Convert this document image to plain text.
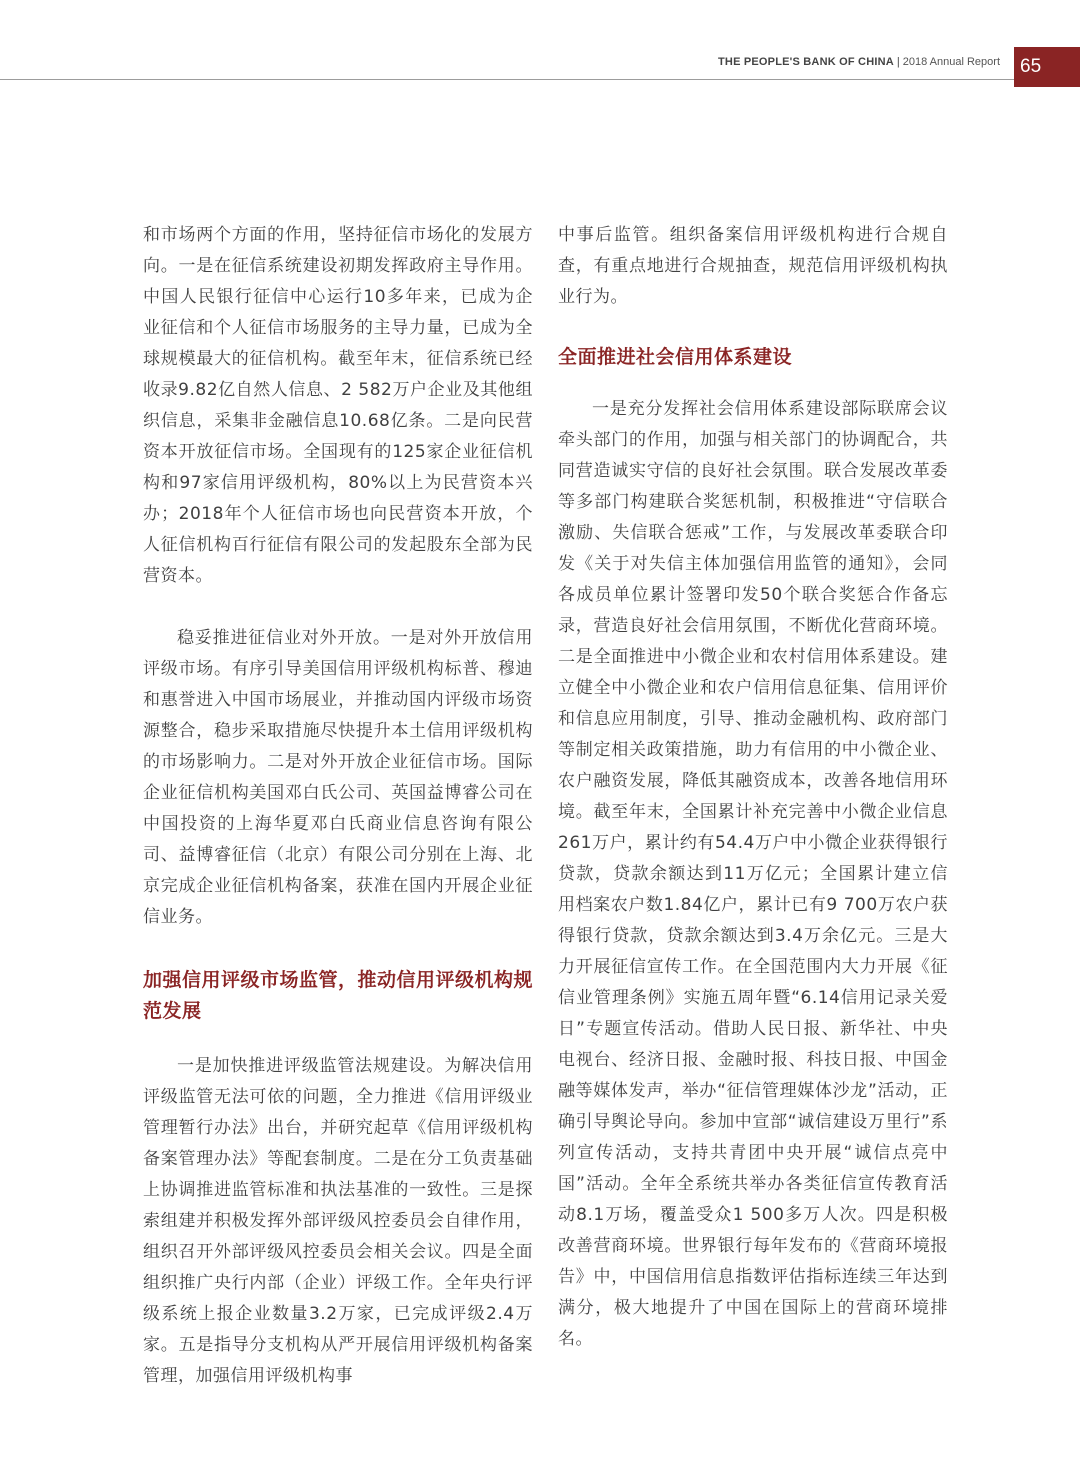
THE PEOPLE'S BANK OF CHINA | 2018 Annual Report 65

和市场两个方面的作用，坚持征信市场化的发展方向。一是在征信系统建设初期发挥政府主导作用。中国人民银行征信中心运行10多年来，已成为企业征信和个人征信市场服务的主导力量，已成为全球规模最大的征信机构。截至年末，征信系统已经收录9.82亿自然人信息、2 582万户企业及其他组织信息，采集非金融信息10.68亿条。二是向民营资本开放征信市场。全国现有的125家企业征信机构和97家信用评级机构，80%以上为民营资本兴办；2018年个人征信市场也向民营资本开放，个人征信机构百行征信有限公司的发起股东全部为民营资本。

稳妥推进征信业对外开放。一是对外开放信用评级市场。有序引导美国信用评级机构标普、穆迪和惠誉进入中国市场展业，并推动国内评级市场资源整合，稳步采取措施尽快提升本土信用评级机构的市场影响力。二是对外开放企业征信市场。国际企业征信机构美国邓白氏公司、英国益博睿公司在中国投资的上海华夏邓白氏商业信息咨询有限公司、益博睿征信（北京）有限公司分别在上海、北京完成企业征信机构备案，获准在国内开展企业征信业务。

加强信用评级市场监管，推动信用评级机构规范发展

一是加快推进评级监管法规建设。为解决信用评级监管无法可依的问题，全力推进《信用评级业管理暂行办法》出台，并研究起草《信用评级机构备案管理办法》等配套制度。二是在分工负责基础上协调推进监管标准和执法基准的一致性。三是探索组建并积极发挥外部评级风控委员会自律作用，组织召开外部评级风控委员会相关会议。四是全面组织推广央行内部（企业）评级工作。全年央行评级系统上报企业数量3.2万家，已完成评级2.4万家。五是指导分支机构从严开展信用评级机构备案管理，加强信用评级机构事

中事后监管。组织备案信用评级机构进行合规自查，有重点地进行合规抽查，规范信用评级机构执业行为。

全面推进社会信用体系建设

一是充分发挥社会信用体系建设部际联席会议牵头部门的作用，加强与相关部门的协调配合，共同营造诚实守信的良好社会氛围。联合发展改革委等多部门构建联合奖惩机制，积极推进“守信联合激励、失信联合惩戒”工作，与发展改革委联合印发《关于对失信主体加强信用监管的通知》，会同各成员单位累计签署印发50个联合奖惩合作备忘录，营造良好社会信用氛围，不断优化营商环境。二是全面推进中小微企业和农村信用体系建设。建立健全中小微企业和农户信用信息征集、信用评价和信息应用制度，引导、推动金融机构、政府部门等制定相关政策措施，助力有信用的中小微企业、农户融资发展，降低其融资成本，改善各地信用环境。截至年末，全国累计补充完善中小微企业信息261万户，累计约有54.4万户中小微企业获得银行贷款，贷款余额达到11万亿元；全国累计建立信用档案农户数1.84亿户，累计已有9 700万农户获得银行贷款，贷款余额达到3.4万余亿元。三是大力开展征信宣传工作。在全国范围内大力开展《征信业管理条例》实施五周年暨“6.14信用记录关爱日”专题宣传活动。借助人民日报、新华社、中央电视台、经济日报、金融时报、科技日报、中国金融等媒体发声，举办“征信管理媒体沙龙”活动，正确引导舆论导向。参加中宣部“诚信建设万里行”系列宣传活动，支持共青团中央开展“诚信点亮中国”活动。全年全系统共举办各类征信宣传教育活动8.1万场，覆盖受众1 500多万人次。四是积极改善营商环境。世界银行每年发布的《营商环境报告》中，中国信用信息指数评估指标连续三年达到满分，极大地提升了中国在国际上的营商环境排名。
